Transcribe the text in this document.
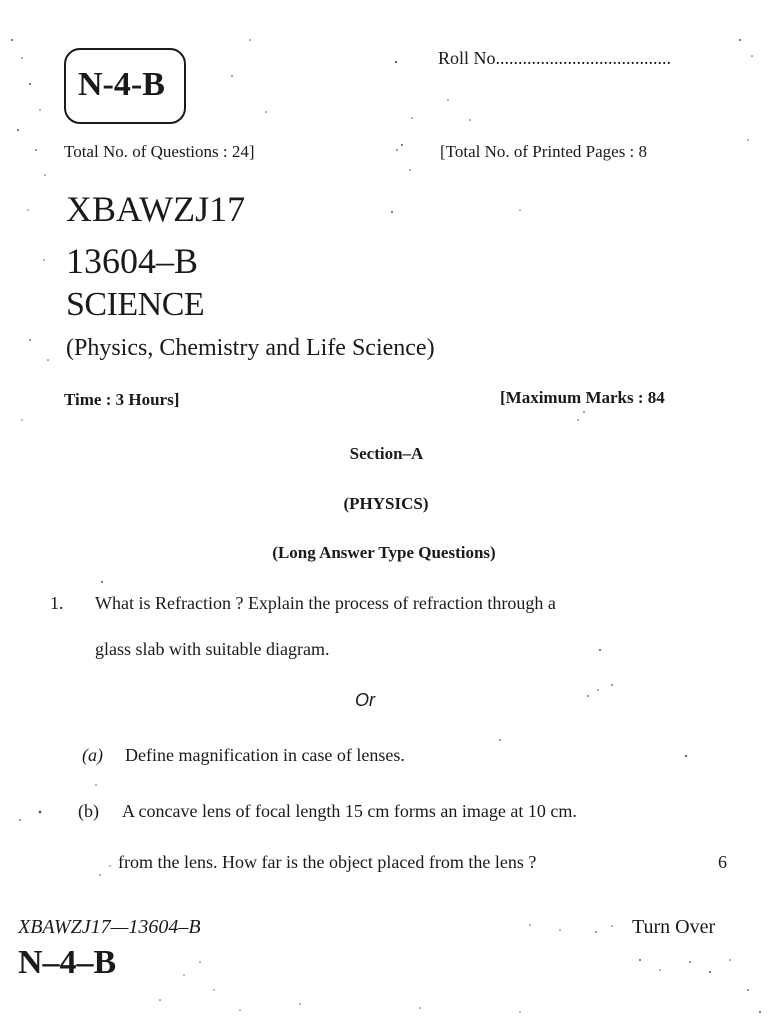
N-4-B
Roll No.......................................
Total No. of Questions : 24]	[Total No. of Printed Pages : 8
XBAWZJ17
13604–B
SCIENCE
(Physics, Chemistry and Life Science)
Time : 3 Hours]	[Maximum Marks : 84
Section–A
(PHYSICS)
(Long Answer Type Questions)
1. What is Refraction ? Explain the process of refraction through a
glass slab with suitable diagram.
Or
(a) Define magnification in case of lenses.
(b) A concave lens of focal length 15 cm forms an image at 10 cm.
from the lens. How far is the object placed from the lens ?	6
XBAWZJ17—13604–B
N–4–B
Turn Over
